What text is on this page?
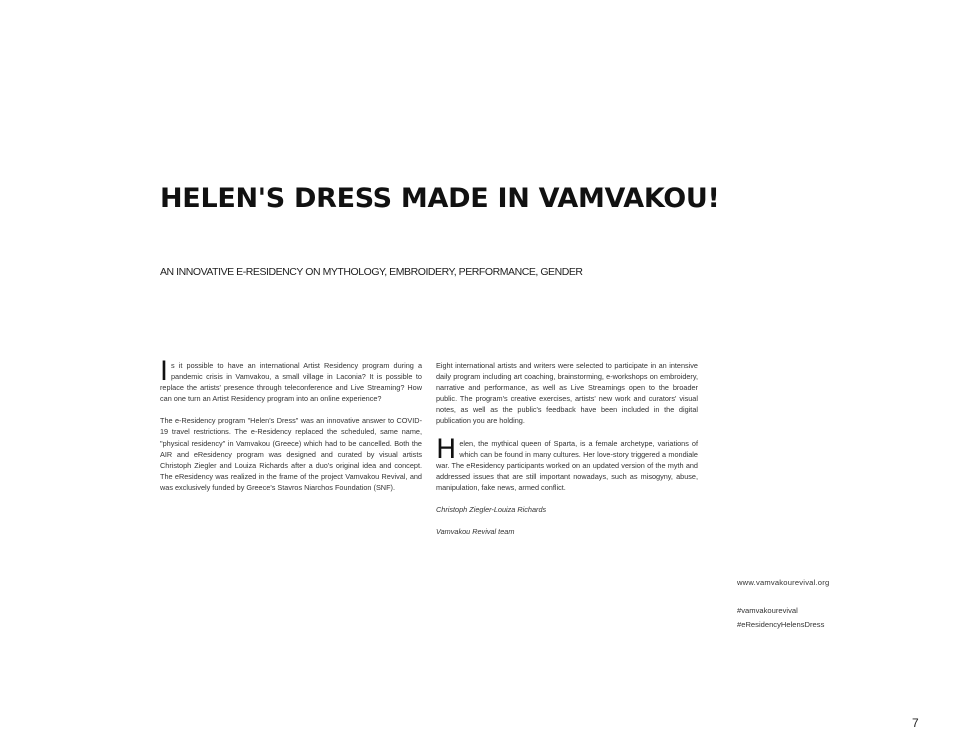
HELEN'S DRESS MADE IN VAMVAKOU!
AN INNOVATIVE E-RESIDENCY ON MYTHOLOGY, EMBROIDERY, PERFORMANCE, GENDER

Is it possible to have an international Artist Residency program during a pandemic crisis in Vamvakou, a small village in Laconia? It is possible to replace the artists' presence through teleconference and Live Streaming? How can one turn an Artist Residency program into an online experience?

The e-Residency program "Helen's Dress" was an innovative answer to COVID-19 travel restrictions. The e-Residency replaced the scheduled, same name, "physical residency" in Vamvakou (Greece) which had to be cancelled. Both the AIR and eResidency program was designed and curated by visual artists Christoph Ziegler and Louiza Richards after a duo's original idea and concept. The eResidency was realized in the frame of the project Vamvakou Revival, and was exclusively funded by Greece's Stavros Niarchos Foundation (SNF).

Eight international artists and writers were selected to participate in an intensive daily program including art coaching, brainstorming, e-workshops on embroidery, narrative and performance, as well as Live Streamings open to the broader public. The program's creative exercises, artists' new work and curators' visual notes, as well as the public's feedback have been included in the digital publication you are holding.

Helen, the mythical queen of Sparta, is a female archetype, variations of which can be found in many cultures. Her love-story triggered a mondiale war. The eResidency participants worked on an updated version of the myth and addressed issues that are still important nowadays, such as misogyny, abuse, manipulation, fake news, armed conflict.

Christoph Ziegler-Louiza Richards

Vamvakou Revival team

www.vamvakourevival.org
#vamvakourevival
#eResidencyHelensDress
7
